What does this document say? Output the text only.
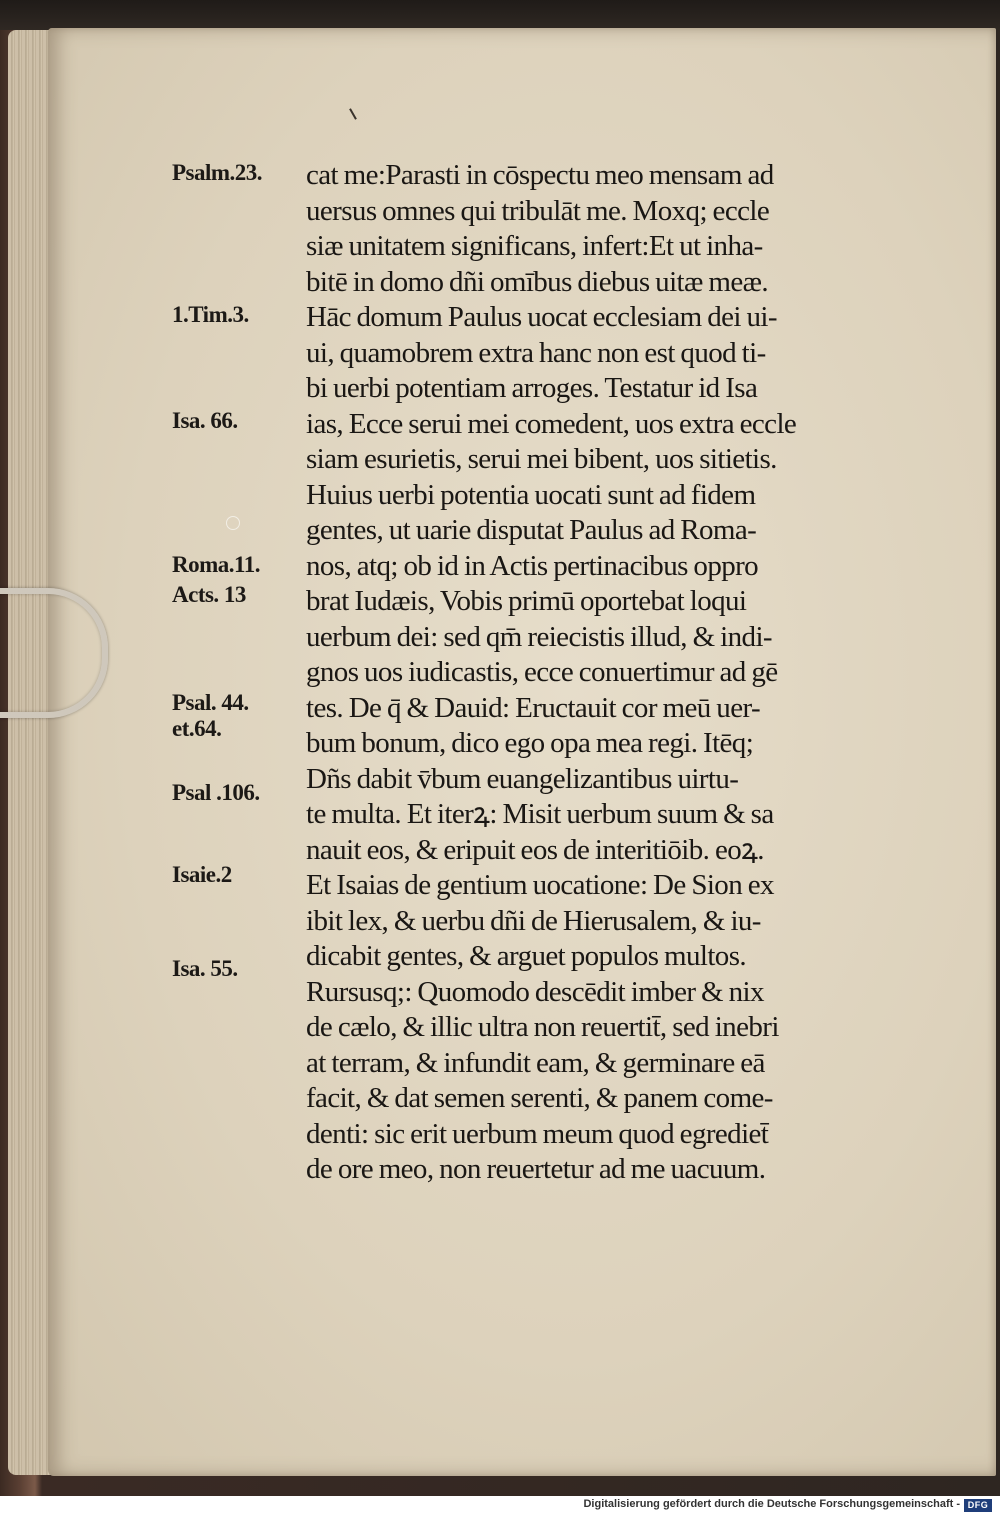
Psalm.23.
1.Tim.3.
Isa. 66.
Roma.11.
Acts. 13
Psal. 44.
et.64.
Psal .106.
Isaie.2
Isa. 55.
cat me:Parasti in cōspectu meo mensam ad
uersus omnes qui tribulāt me. Moxq; eccle
siæ unitatem significans, infert:Et ut inha-
bitē in domo dñi omībus diebus uitæ meæ.
Hāc domum Paulus uocat ecclesiam dei ui-
ui, quamobrem extra hanc non est quod ti-
bi uerbi potentiam arroges. Testatur id Isa
ias, Ecce serui mei comedent, uos extra eccle
siam esurietis, serui mei bibent, uos sitietis.
Huius uerbi potentia uocati sunt ad fidem
gentes, ut uarie disputat Paulus ad Roma-
nos, atq; ob id in Actis pertinacibus oppro
brat Iudæis, Vobis primū oportebat loqui
uerbum dei: sed qm̄ reiecistis illud, & indi-
gnos uos iudicastis, ecce conuertimur ad gē
tes. De q̄ & Dauid: Eructauit cor meū uer-
bum bonum, dico ego opa mea regi. Itēq;
Dñs dabit v̄bum euangelizantibus uirtu-
te multa. Et iterꝝ: Misit uerbum suum & sa
nauit eos, & eripuit eos de interitiōib. eoꝝ.
Et Isaias de gentium uocatione: De Sion ex
ibit lex, & uerbu dñi de Hierusalem, & iu-
dicabit gentes, & arguet populos multos.
Rursusq;: Quomodo descēdit imber & nix
de cælo, & illic ultra non reuertit̄, sed inebri
at terram, & infundit eam, & germinare eā
facit, & dat semen serenti, & panem come-
denti: sic erit uerbum meum quod egrediet̄
de ore meo, non reuertetur ad me uacuum.
Digitalisierung gefördert durch die Deutsche Forschungsgemeinschaft - DFG
